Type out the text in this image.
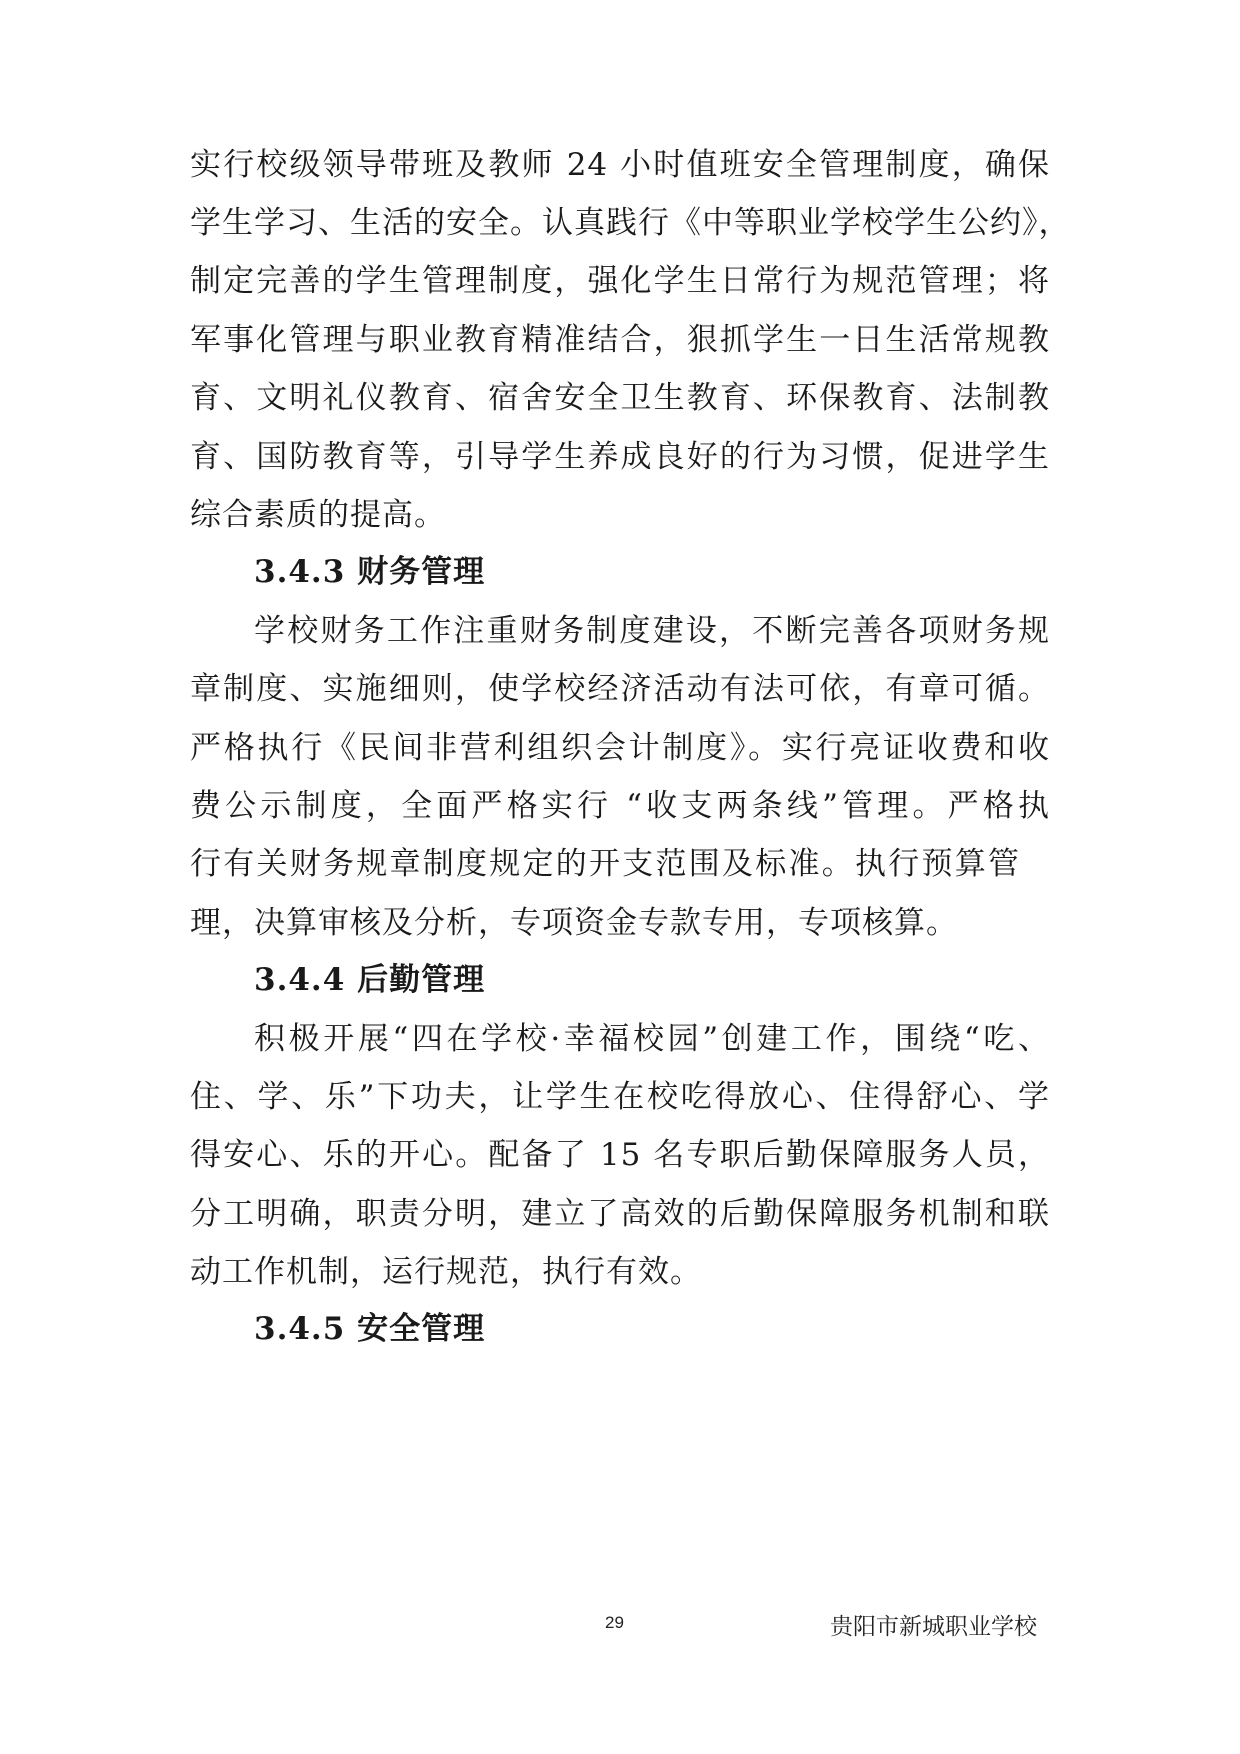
实行校级领导带班及教师 24 小时值班安全管理制度，确保
学生学习、生活的安全。认真践行《中等职业学校学生公约》，
制定完善的学生管理制度，强化学生日常行为规范管理；将
军事化管理与职业教育精准结合，狠抓学生一日生活常规教
育、文明礼仪教育、宿舍安全卫生教育、环保教育、法制教
育、国防教育等，引导学生养成良好的行为习惯，促进学生
综合素质的提高。
3.4.3 财务管理
学校财务工作注重财务制度建设，不断完善各项财务规
章制度、实施细则，使学校经济活动有法可依，有章可循。
严格执行《民间非营利组织会计制度》。实行亮证收费和收
费公示制度，全面严格实行 “收支两条线”管理。严格执
行有关财务规章制度规定的开支范围及标准。执行预算管
理，决算审核及分析，专项资金专款专用，专项核算。
3.4.4 后勤管理
积极开展“四在学校·幸福校园”创建工作，围绕“吃、
住、学、乐”下功夫，让学生在校吃得放心、住得舒心、学
得安心、乐的开心。配备了 15 名专职后勤保障服务人员，
分工明确，职责分明，建立了高效的后勤保障服务机制和联
动工作机制，运行规范，执行有效。
3.4.5 安全管理
29	贵阳市新城职业学校
